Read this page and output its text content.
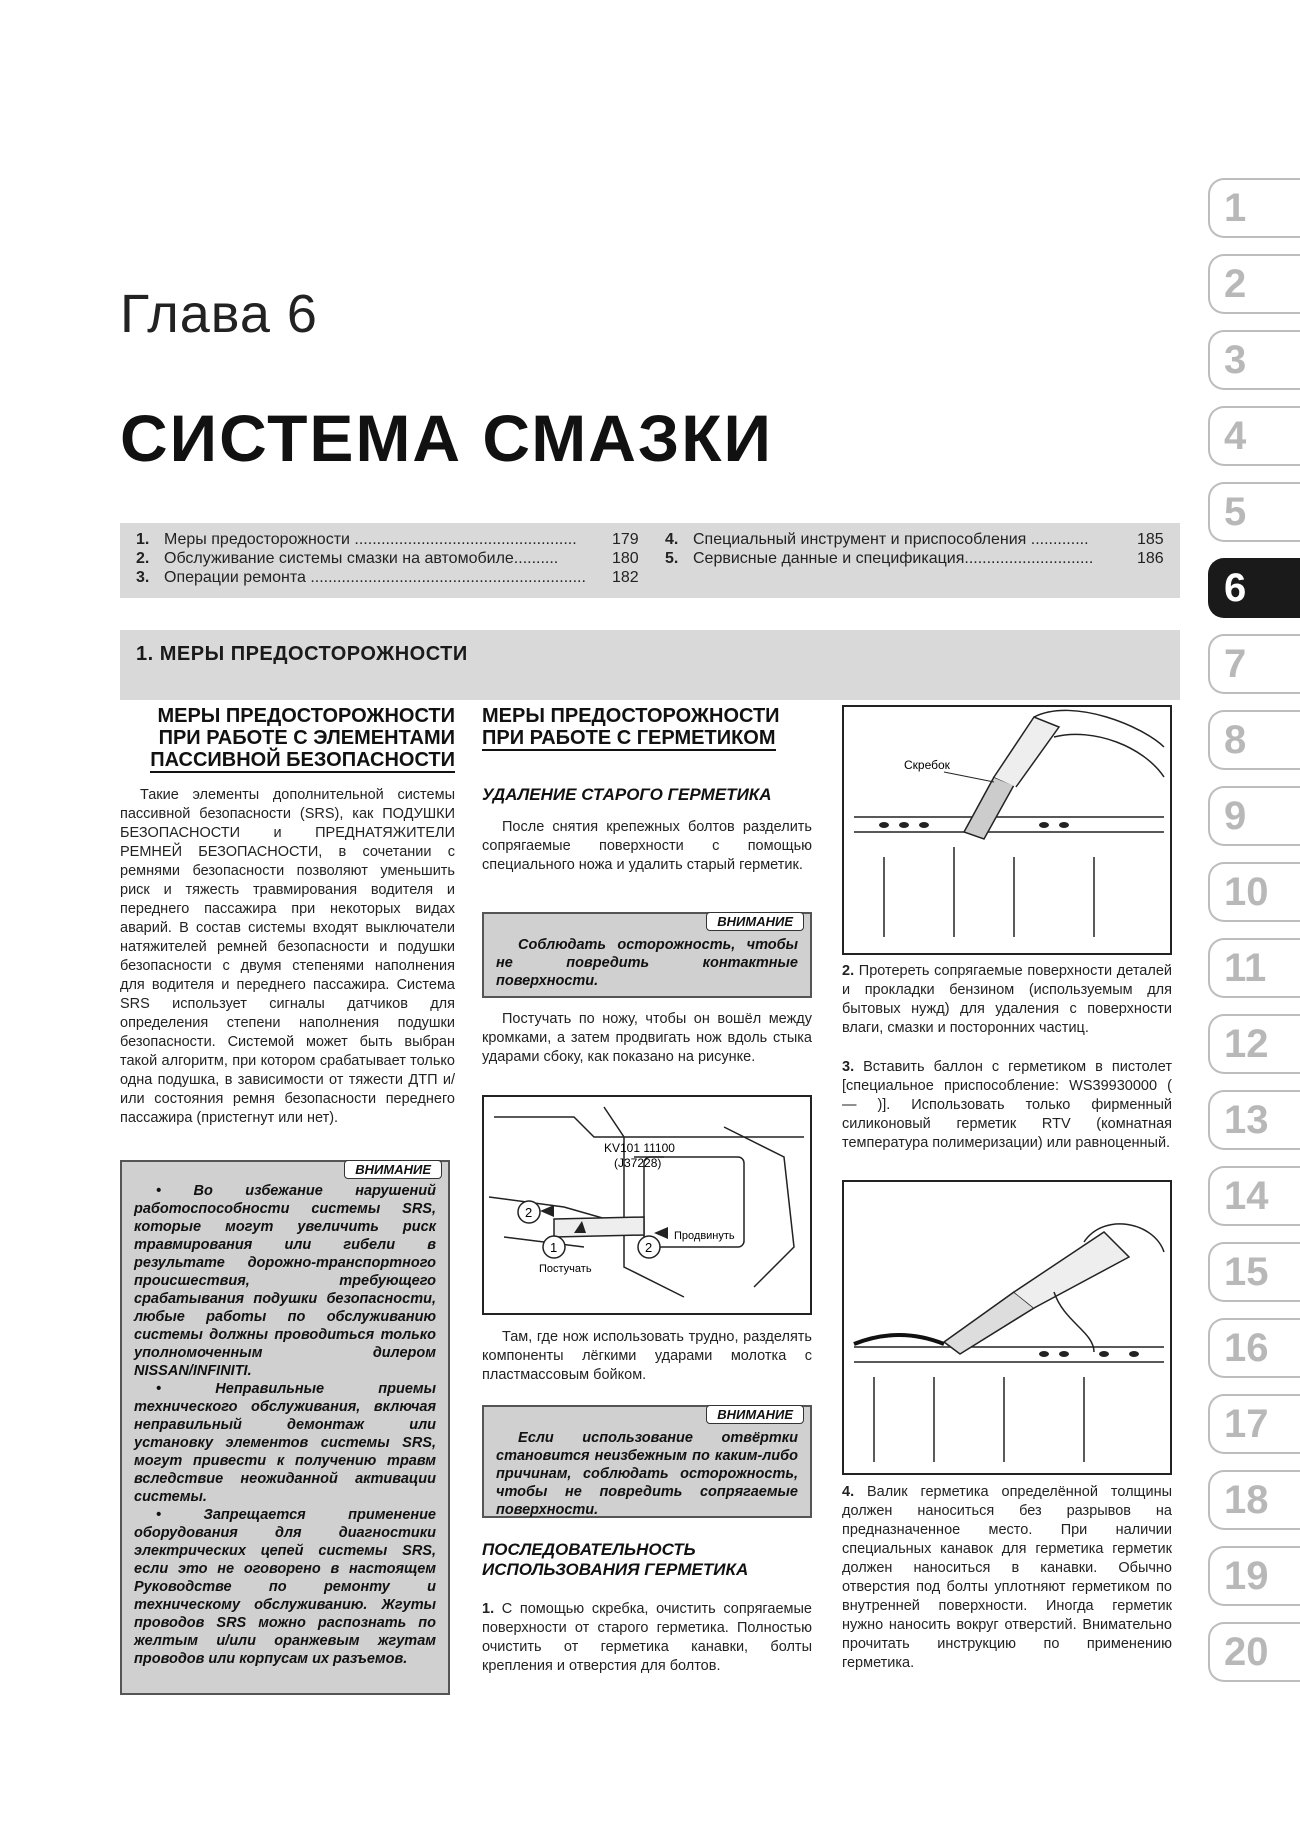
Глава 6
СИСТЕМА СМАЗКИ
1. Меры предосторожности ..................................................	179
2. Обслуживание системы смазки на автомобиле..........	180
3. Операции ремонта ..............................................................	182
4. Специальный инструмент и приспособления .............	185
5. Сервисные данные и спецификация.............................	186
1. МЕРЫ ПРЕДОСТОРОЖНОСТИ
1
2
3
4
5
6
7
8
9
10
11
12
13
14
15
16
17
18
19
20
МЕРЫ ПРЕДОСТОРОЖНОСТИ
ПРИ РАБОТЕ С ЭЛЕМЕНТАМИ
ПАССИВНОЙ БЕЗОПАСНОСТИ
Такие элементы дополнительной системы пассивной безопасности (SRS), как ПОДУШКИ БЕЗОПАСНОСТИ и ПРЕДНАТЯЖИТЕЛИ РЕМНЕЙ БЕЗОПАСНОСТИ, в сочетании с ремнями безопасности позволяют уменьшить риск и тяжесть травмирования водителя и переднего пассажира при некоторых видах аварий. В состав системы входят выключатели натяжителей ремней безопасности и подушки безопасности с двумя степенями наполнения для водителя и переднего пассажира. Система SRS использует сигналы датчиков для определения степени наполнения подушки безопасности. Системой может быть выбран такой алгоритм, при котором срабатывает только одна подушка, в зависимости от тяжести ДТП и/или состояния ремня безопасности переднего пассажира (пристегнут или нет).
ВНИМАНИЕ

• Во избежание нарушений работоспособности системы SRS, которые могут увеличить риск травмирования или гибели в результате дорожно-транспортного происшествия, требующего срабатывания подушки безопасности, любые работы по обслуживанию системы должны проводиться только уполномоченным дилером NISSAN/INFINITI.

• Неправильные приемы технического обслуживания, включая неправильный демонтаж или установку элементов системы SRS, могут привести к получению травм вследствие неожиданной активации системы.

• Запрещается применение оборудования для диагностики электрических цепей системы SRS, если это не оговорено в настоящем Руководстве по ремонту и техническому обслуживанию. Жгуты проводов SRS можно распознать по желтым и/или оранжевым жгутам проводов или корпусам их разъемов.

МЕРЫ ПРЕДОСТОРОЖНОСТИ
ПРИ РАБОТЕ С ГЕРМЕТИКОМ
УДАЛЕНИЕ СТАРОГО ГЕРМЕТИКА
После снятия крепежных болтов разделить сопрягаемые поверхности с помощью специального ножа и удалить старый герметик.
ВНИМАНИЕ

Соблюдать осторожность, чтобы не повредить контактные поверхности.

Постучать по ножу, чтобы он вошёл между кромками, а затем продвигать нож вдоль стыка ударами сбоку, как показано на рисунке.
2
1	2
KV101 11100
(J37228)
Постучать
Продвинуть
Там, где нож использовать трудно, разделять компоненты лёгкими ударами молотка с пластмассовым бойком.
ВНИМАНИЕ

Если использование отвёртки становится неизбежным по каким-либо причинам, соблюдать осторожность, чтобы не повредить сопрягаемые поверхности.

ПОСЛЕДОВАТЕЛЬНОСТЬ
ИСПОЛЬЗОВАНИЯ ГЕРМЕТИКА
1. С помощью скребка, очистить сопрягаемые поверхности от старого герметика. Полностью очистить от герметика канавки, болты крепления и отверстия для болтов.
Скребок
2. Протереть сопрягаемые поверхности деталей и прокладки бензином (используемым для бытовых нужд) для удаления с поверхности влаги, смазки и посторонних частиц.
3. Вставить баллон с герметиком в пистолет [специальное приспособление: WS39930000 ( — )]. Использовать только фирменный силиконовый герметик RTV (комнатная температура полимеризации) или равноценный.
4. Валик герметика определённой толщины должен наноситься без разрывов на предназначенное место. При наличии специальных канавок для герметика герметик должен наноситься в канавки. Обычно отверстия под болты уплотняют герметиком по внутренней поверхности. Иногда герметик нужно наносить вокруг отверстий. Внимательно прочитать инструкцию по применению герметика.
